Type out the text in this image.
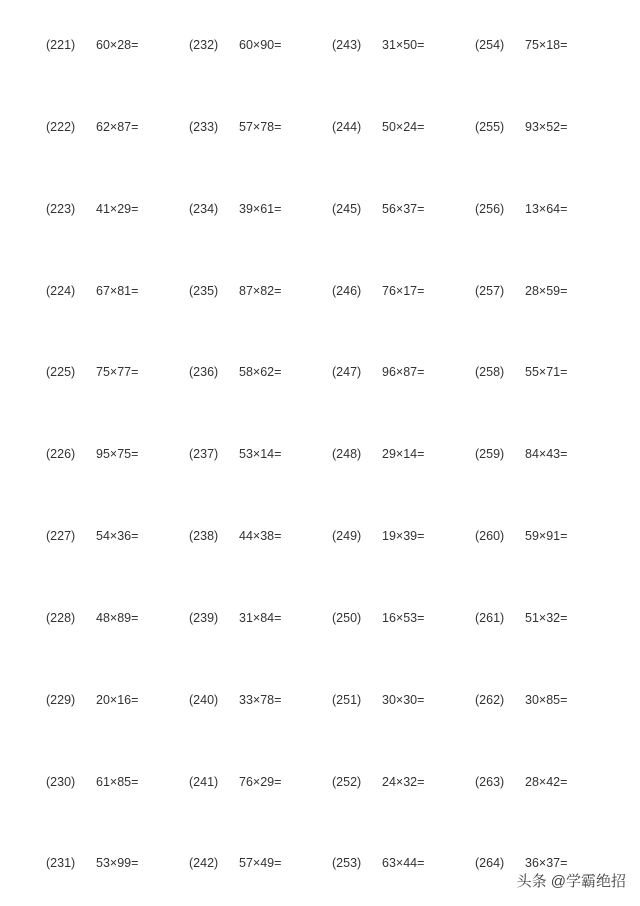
(221) 60×28=
(222) 62×87=
(223) 41×29=
(224) 67×81=
(225) 75×77=
(226) 95×75=
(227) 54×36=
(228) 48×89=
(229) 20×16=
(230) 61×85=
(231) 53×99=
(232) 60×90=
(233) 57×78=
(234) 39×61=
(235) 87×82=
(236) 58×62=
(237) 53×14=
(238) 44×38=
(239) 31×84=
(240) 33×78=
(241) 76×29=
(242) 57×49=
(243) 31×50=
(244) 50×24=
(245) 56×37=
(246) 76×17=
(247) 96×87=
(248) 29×14=
(249) 19×39=
(250) 16×53=
(251) 30×30=
(252) 24×32=
(253) 63×44=
(254) 75×18=
(255) 93×52=
(256) 13×64=
(257) 28×59=
(258) 55×71=
(259) 84×43=
(260) 59×91=
(261) 51×32=
(262) 30×85=
(263) 28×42=
(264) 36×37=
头条 @学霸绝招
